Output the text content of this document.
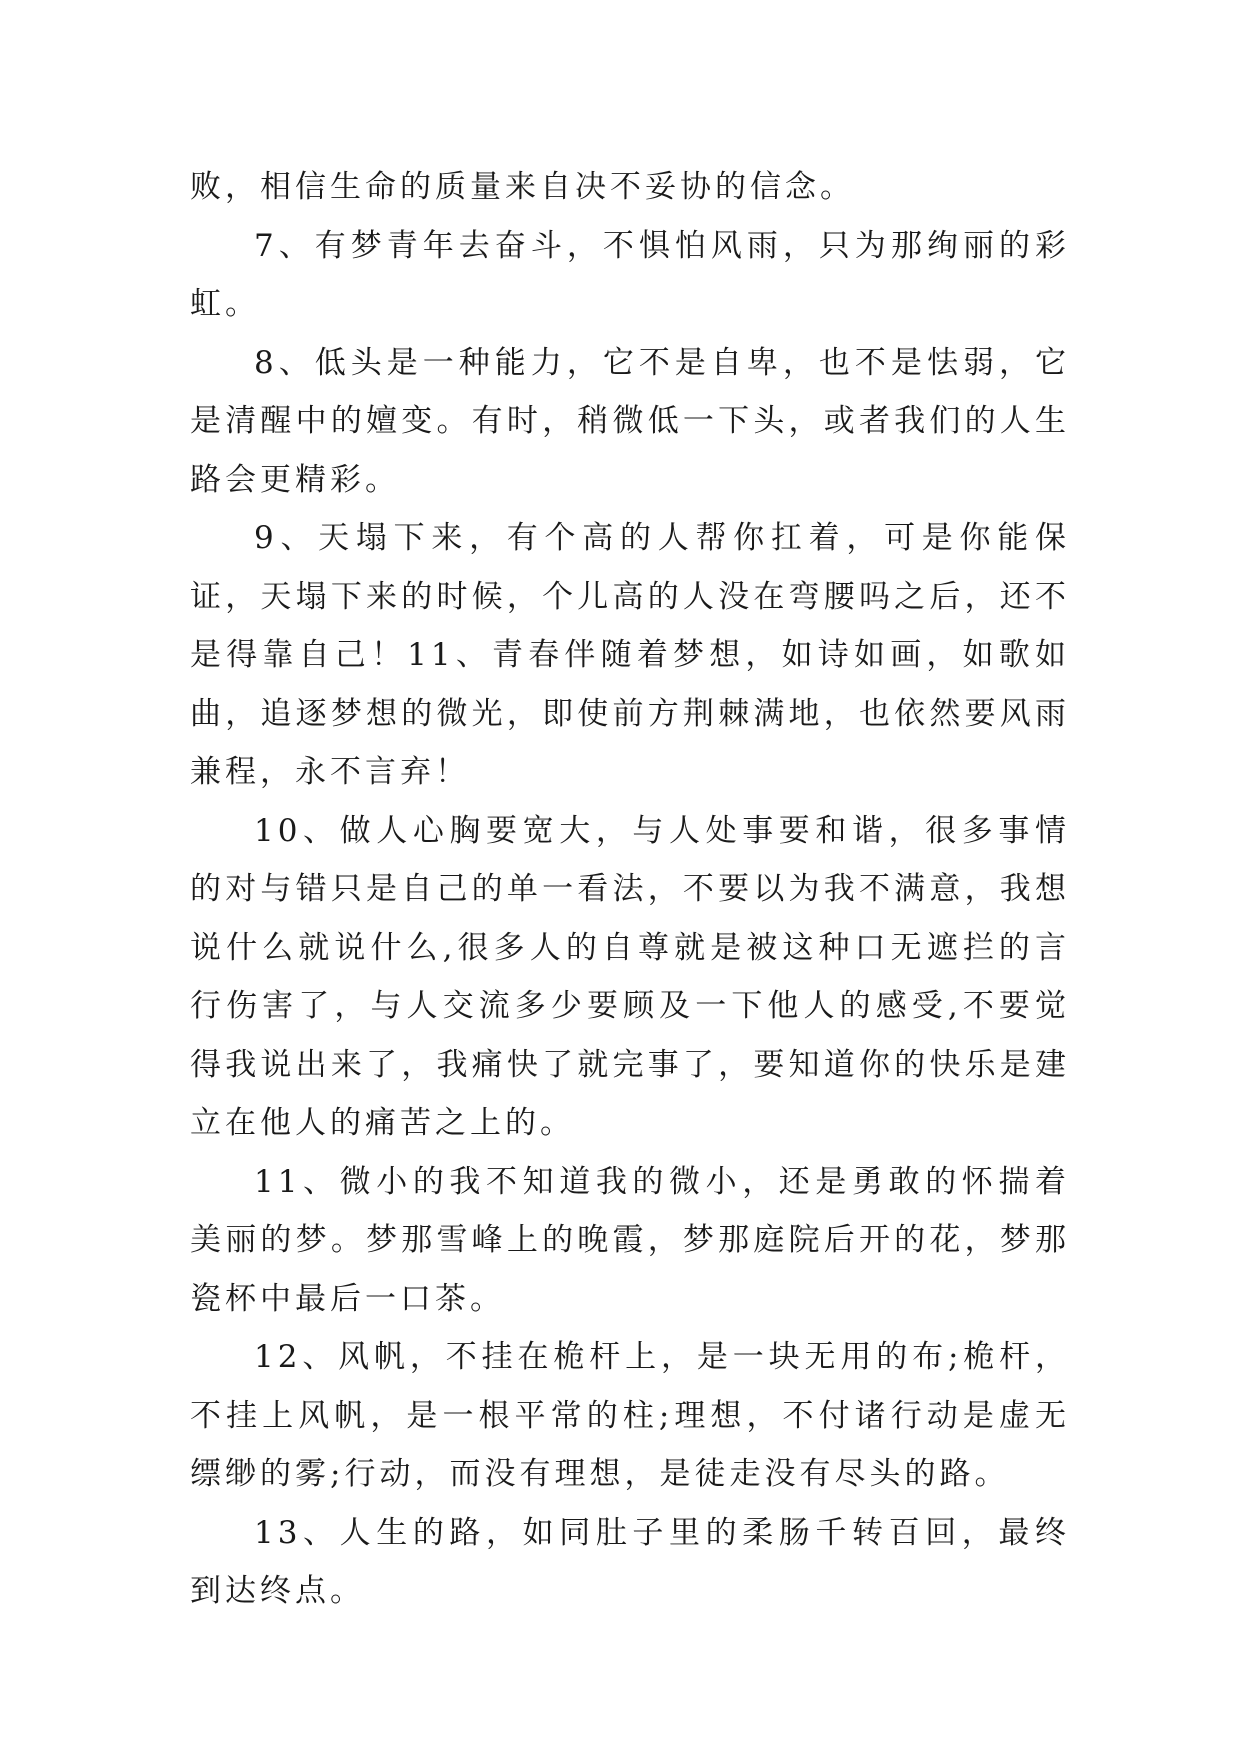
败，相信生命的质量来自决不妥协的信念。

7、有梦青年去奋斗，不惧怕风雨，只为那绚丽的彩虹。

8、低头是一种能力，它不是自卑，也不是怯弱，它是清醒中的嬗变。有时，稍微低一下头，或者我们的人生路会更精彩。

9、天塌下来，有个高的人帮你扛着，可是你能保证，天塌下来的时候，个儿高的人没在弯腰吗之后，还不是得靠自己！11、青春伴随着梦想，如诗如画，如歌如曲，追逐梦想的微光，即使前方荆棘满地，也依然要风雨兼程，永不言弃！

10、做人心胸要宽大，与人处事要和谐，很多事情的对与错只是自己的单一看法，不要以为我不满意，我想说什么就说什么,很多人的自尊就是被这种口无遮拦的言行伤害了，与人交流多少要顾及一下他人的感受,不要觉得我说出来了，我痛快了就完事了，要知道你的快乐是建立在他人的痛苦之上的。

11、微小的我不知道我的微小，还是勇敢的怀揣着美丽的梦。梦那雪峰上的晚霞，梦那庭院后开的花，梦那瓷杯中最后一口茶。

12、风帆，不挂在桅杆上，是一块无用的布;桅杆，不挂上风帆，是一根平常的柱;理想，不付诸行动是虚无缥缈的雾;行动，而没有理想，是徒走没有尽头的路。

13、人生的路，如同肚子里的柔肠千转百回，最终到达终点。
